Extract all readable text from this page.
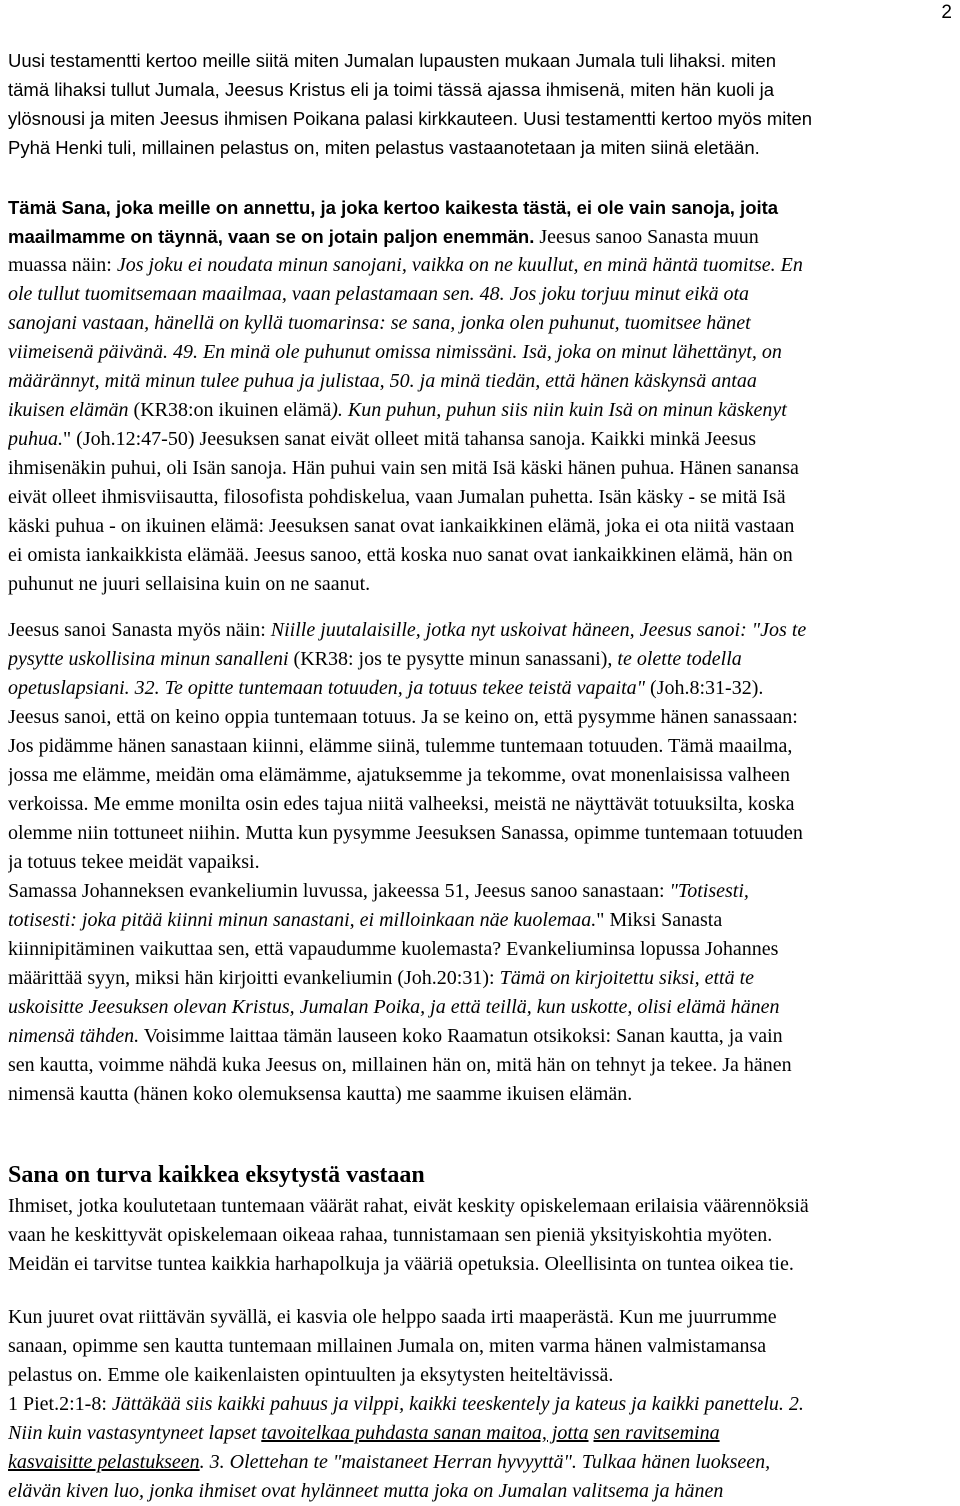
2
Uusi testamentti kertoo meille siitä miten Jumalan lupausten mukaan Jumala tuli lihaksi. miten
tämä lihaksi tullut Jumala, Jeesus Kristus eli ja toimi tässä ajassa ihmisenä, miten hän kuoli ja
ylösnousi ja miten Jeesus ihmisen Poikana palasi kirkkauteen. Uusi testamentti kertoo myös miten
Pyhä Henki tuli, millainen pelastus on, miten pelastus vastaanotetaan ja miten siinä eletään.
Tämä Sana, joka meille on annettu, ja joka kertoo kaikesta tästä, ei ole vain sanoja, joita
maailmamme on täynnä, vaan se on jotain paljon enemmän. Jeesus sanoo Sanasta muun
muassa näin: Jos joku ei noudata minun sanojani, vaikka on ne kuullut, en minä häntä tuomitse. En
ole tullut tuomitsemaan maailmaa, vaan pelastamaan sen. 48. Jos joku torjuu minut eikä ota
sanojani vastaan, hänellä on kyllä tuomarinsa: se sana, jonka olen puhunut, tuomitsee hänet
viimeisenä päivänä. 49. En minä ole puhunut omissa nimissäni. Isä, joka on minut lähettänyt, on
määrännyt, mitä minun tulee puhua ja julistaa, 50. ja minä tiedän, että hänen käskynsä antaa
ikuisen elämän (KR38:on ikuinen elämä). Kun puhun, puhun siis niin kuin Isä on minun käskenyt
puhua." (Joh.12:47-50) Jeesuksen sanat eivät olleet mitä tahansa sanoja. Kaikki minkä Jeesus
ihmisenäkin puhui, oli Isän sanoja. Hän puhui vain sen mitä Isä käski hänen puhua. Hänen sanansa
eivät olleet ihmisviisautta, filosofista pohdiskelua, vaan Jumalan puhetta. Isän käsky - se mitä Isä
käski puhua - on ikuinen elämä: Jeesuksen sanat ovat iankaikkinen elämä, joka ei ota niitä vastaan
ei omista iankaikkista elämää. Jeesus sanoo, että koska nuo sanat ovat iankaikkinen elämä, hän on
puhunut ne juuri sellaisina kuin on ne saanut.
Jeesus sanoi Sanasta myös näin: Niille juutalaisille, jotka nyt uskoivat häneen, Jeesus sanoi: "Jos te
pysytte uskollisina minun sanalleni (KR38: jos te pysytte minun sanassani), te olette todella
opetuslapsiani. 32. Te opitte tuntemaan totuuden, ja totuus tekee teistä vapaita" (Joh.8:31-32).
Jeesus sanoi, että on keino oppia tuntemaan totuus. Ja se keino on, että pysymme hänen sanassaan:
Jos pidämme hänen sanastaan kiinni, elämme siinä, tulemme tuntemaan totuuden. Tämä maailma,
jossa me elämme, meidän oma elämämme, ajatuksemme ja tekomme, ovat monenlaisissa valheen
verkoissa. Me emme monilta osin edes tajua niitä valheeksi, meistä ne näyttävät totuuksilta, koska
olemme niin tottuneet niihin. Mutta kun pysymme Jeesuksen Sanassa, opimme tuntemaan totuuden
ja totuus tekee meidät vapaiksi.
Samassa Johanneksen evankeliumin luvussa, jakeessa 51, Jeesus sanoo sanastaan: "Totisesti,
totisesti: joka pitää kiinni minun sanastani, ei milloinkaan näe kuolemaa." Miksi Sanasta
kiinnipitäminen vaikuttaa sen, että vapaudumme kuolemasta? Evankeliuminsa lopussa Johannes
määrittää syyn, miksi hän kirjoitti evankeliumin (Joh.20:31): Tämä on kirjoitettu siksi, että te
uskoisitte Jeesuksen olevan Kristus, Jumalan Poika, ja että teillä, kun uskotte, olisi elämä hänen
nimensä tähden. Voisimme laittaa tämän lauseen koko Raamatun otsikoksi: Sanan kautta, ja vain
sen kautta, voimme nähdä kuka Jeesus on, millainen hän on, mitä hän on tehnyt ja tekee. Ja hänen
nimensä kautta (hänen koko olemuksensa kautta) me saamme ikuisen elämän.
Sana on turva kaikkea eksytystä vastaan
Ihmiset, jotka koulutetaan tuntemaan väärät rahat, eivät keskity opiskelemaan erilaisia väärennöksiä
vaan he keskittyvät opiskelemaan oikeaa rahaa, tunnistamaan sen pieniä yksityiskohtia myöten.
Meidän ei tarvitse tuntea kaikkia harhapolkuja ja vääriä opetuksia. Oleellisinta on tuntea oikea tie.
Kun juuret ovat riittävän syvällä, ei kasvia ole helppo saada irti maaperästä. Kun me juurrumme
sanaan, opimme sen kautta tuntemaan millainen Jumala on, miten varma hänen valmistamansa
pelastus on. Emme ole kaikenlaisten opintuulten ja eksytysten heiteltävissä.
1 Piet.2:1-8: Jättäkää siis kaikki pahuus ja vilppi, kaikki teeskentely ja kateus ja kaikki panettelu. 2.
Niin kuin vastasyntyneet lapset tavoitelkaa puhdasta sanan maitoa, jotta sen ravitsemina
kasvaisitte pelastukseen. 3. Olettehan te "maistaneet Herran hyvyyttä". Tulkaa hänen luokseen,
elävän kiven luo, jonka ihmiset ovat hylänneet mutta joka on Jumalan valitsema ja hänen
